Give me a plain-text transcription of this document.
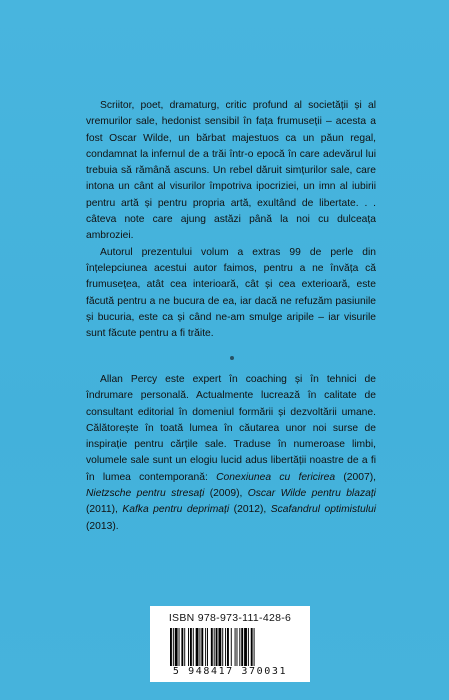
Scriitor, poet, dramaturg, critic profund al societății și al vremurilor sale, hedonist sensibil în fața frumuseții – acesta a fost Oscar Wilde, un bărbat majestuos ca un păun regal, condamnat la infernul de a trăi într-o epocă în care adevărul lui trebuia să rămână ascuns. Un rebel dăruit simțurilor sale, care intona un cânt al visurilor împotriva ipocriziei, un imn al iubirii pentru artă și pentru propria artă, exultând de libertate. . . câteva note care ajung astăzi până la noi cu dulceața ambroziei.

Autorul prezentului volum a extras 99 de perle din înțelepciunea acestui autor faimos, pentru a ne învăța că frumusețea, atât cea interioară, cât și cea exterioară, este făcută pentru a ne bucura de ea, iar dacă ne refuzăm pasiunile și bucuria, este ca și când ne-am smulge aripile – iar visurile sunt făcute pentru a fi trăite.

Allan Percy este expert în coaching și în tehnici de îndrumare personală. Actualmente lucrează în calitate de consultant editorial în domeniul formării și dezvoltării umane. Călătorește în toată lumea în căutarea unor noi surse de inspirație pentru cărțile sale. Traduse în numeroase limbi, volumele sale sunt un elogiu lucid adus libertății noastre de a fi în lumea contemporană: Conexiunea cu fericirea (2007), Nietzsche pentru stresați (2009), Oscar Wilde pentru blazați (2011), Kafka pentru deprimați (2012), Scafandrul optimistului (2013).

ISBN 978-973-111-428-6
5 948417 370031
